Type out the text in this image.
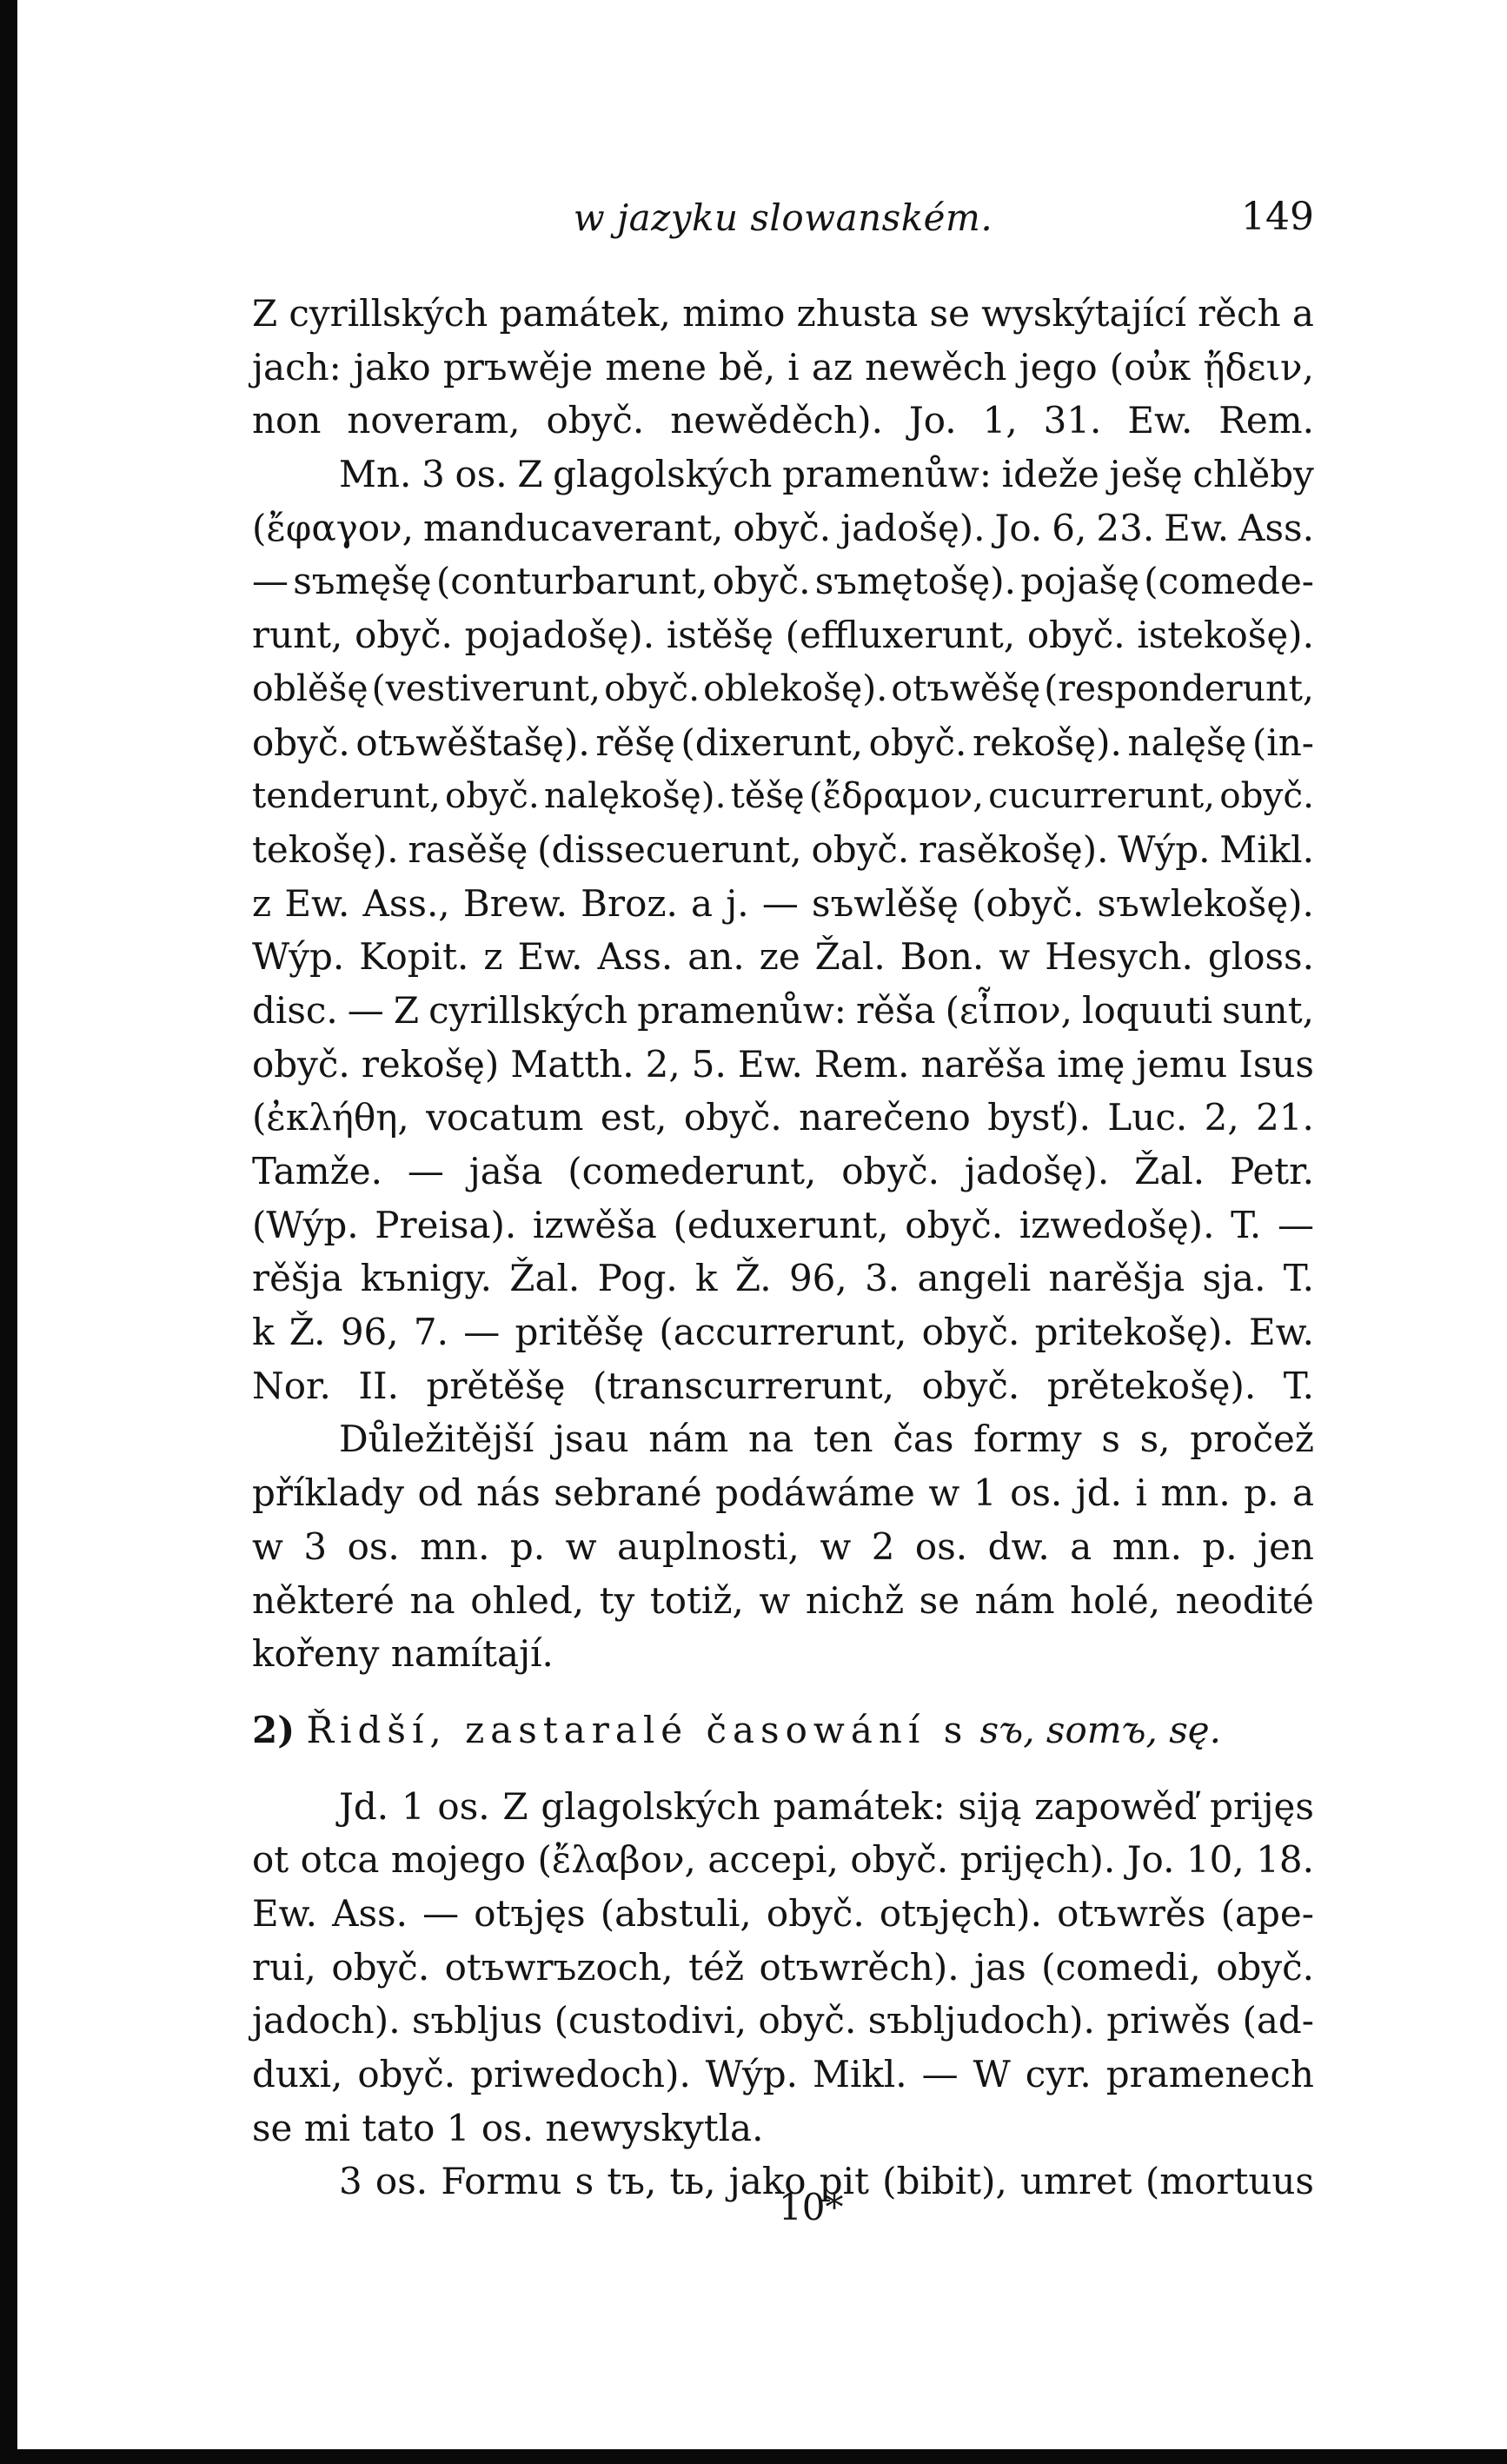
w jazyku slowanském.	149
Z cyrillských památek, mimo zhusta se wyskýtající rěch a
jach: jako prъwěje mene bě, i az newěch jego (οὐκ ᾔδειν,
non noveram, obyč. newěděch). Jo. 1, 31. Ew. Rem.
Mn. 3 os. Z glagolských pramenůw: ideže ješę chlěby
(ἔφαγον, manducaverant, obyč. jadošę). Jo. 6, 23. Ew. Ass.
— sъmęšę (conturbarunt, obyč. sъmętošę). pojašę (comede-
runt, obyč. pojadošę). istěšę (effluxerunt, obyč. istekošę).
oblěšę (vestiverunt, obyč. oblekošę). otъwěšę (responderunt,
obyč. otъwěštašę). rěšę (dixerunt, obyč. rekošę). nalęšę (in-
tenderunt, obyč. nalękošę). těšę (ἔδραμον, cucurrerunt, obyč.
tekošę). rasěšę (dissecuerunt, obyč. rasěkošę). Wýp. Mikl.
z Ew. Ass., Brew. Broz. a j. — sъwlěšę (obyč. sъwlekošę).
Wýp. Kopit. z Ew. Ass. an. ze Žal. Bon. w Hesych. gloss.
disc. — Z cyrillských pramenůw: rěša (εἶπον, loquuti sunt,
obyč. rekošę) Matth. 2, 5. Ew. Rem. narěša imę jemu Isus
(ἐκλήθη, vocatum est, obyč. narečeno bysť). Luc. 2, 21.
Tamže. — jaša (comederunt, obyč. jadošę). Žal. Petr.
(Wýp. Preisa). izwěša (eduxerunt, obyč. izwedošę). T. —
rěšja kъnigy. Žal. Pog. k Ž. 96, 3. angeli narěšja sja. T.
k Ž. 96, 7. — pritěšę (accurrerunt, obyč. pritekošę). Ew.
Nor. II. prětěšę (transcurrerunt, obyč. prětekošę). T.
Důležitější jsau nám na ten čas formy s s, pročež
příklady od nás sebrané podáwáme w 1 os. jd. i mn. p. a
w 3 os. mn. p. w auplnosti, w 2 os. dw. a mn. p. jen
některé na ohled, ty totiž, w nichž se nám holé, neodité
kořeny namítají.
2) Řidší, zastaralé časowání s sъ, somъ, sę.
Jd. 1 os. Z glagolských památek: siją zapowěď prijęs
ot otca mojego (ἔλαβον, accepi, obyč. prijęch). Jo. 10, 18.
Ew. Ass. — otъjęs (abstuli, obyč. otъjęch). otъwrěs (ape-
rui, obyč. otъwrъzoch, též otъwrěch). jas (comedi, obyč.
jadoch). sъbljus (custodivi, obyč. sъbljudoch). priwěs (ad-
duxi, obyč. priwedoch). Wýp. Mikl. — W cyr. pramenech
se mi tato 1 os. newyskytla.
3 os. Formu s tъ, tь, jako pit (bibit), umret (mortuus
10*
